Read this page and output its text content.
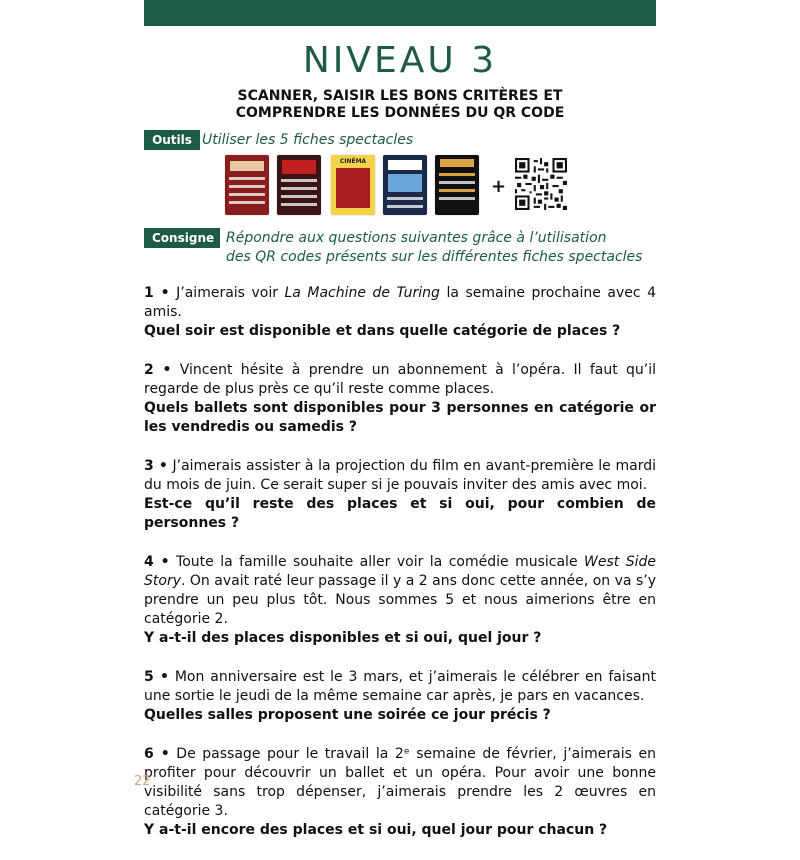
NIVEAU 3

SCANNER, SAISIR LES BONS CRITÈRES ET
COMPRENDRE LES DONNÉES DU QR CODE

Outils Utiliser les 5 fiches spectacles
CINÉMA
+
Consigne Répondre aux questions suivantes grâce à l’utilisation
des QR codes présents sur les différentes fiches spectacles

1 • J’aimerais voir La Machine de Turing la semaine prochaine avec 4 amis.
Quel soir est disponible et dans quelle catégorie de places ?

2 • Vincent hésite à prendre un abonnement à l’opéra. Il faut qu’il regarde de plus près ce qu’il reste comme places.
Quels ballets sont disponibles pour 3 personnes en catégorie or les vendredis ou samedis ?

3 • J’aimerais assister à la projection du film en avant-première le mardi du mois de juin. Ce serait super si je pouvais inviter des amis avec moi.
Est-ce qu’il reste des places et si oui, pour combien de personnes ?

4 • Toute la famille souhaite aller voir la comédie musicale West Side Story. On avait raté leur passage il y a 2 ans donc cette année, on va s’y prendre un peu plus tôt. Nous sommes 5 et nous aimerions être en catégorie 2.
Y a-t-il des places disponibles et si oui, quel jour ?

5 • Mon anniversaire est le 3 mars, et j’aimerais le célébrer en faisant une sortie le jeudi de la même semaine car après, je pars en vacances.
Quelles salles proposent une soirée ce jour précis ?

6 • De passage pour le travail la 2ᵉ semaine de février, j’aimerais en profiter pour découvrir un ballet et un opéra. Pour avoir une bonne visibilité sans trop dépenser, j’aimerais prendre les 2 œuvres en catégorie 3.
Y a-t-il encore des places et si oui, quel jour pour chacun ?

22
